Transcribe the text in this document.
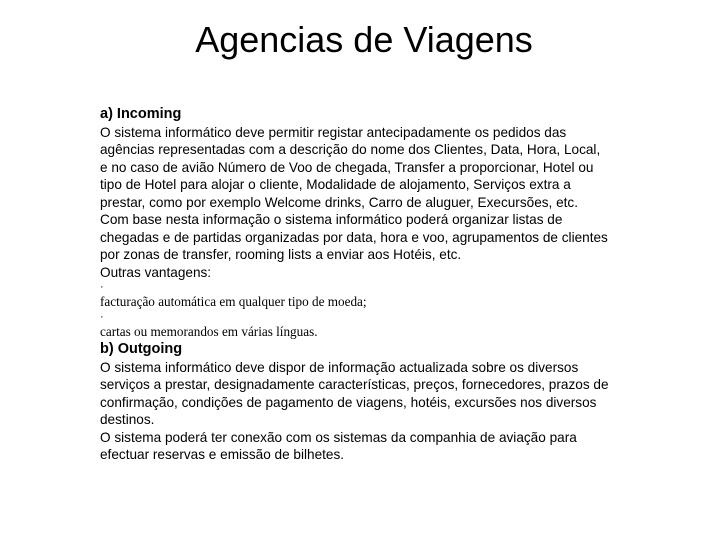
Agencias de Viagens

a) Incoming

O sistema informático deve permitir registar antecipadamente os pedidos das

agências representadas com a descrição do nome dos Clientes, Data, Hora, Local,

e no caso de avião Número de Voo de chegada, Transfer a proporcionar, Hotel ou

tipo de Hotel para alojar o cliente, Modalidade de alojamento, Serviços extra a

prestar, como por exemplo Welcome drinks, Carro de aluguer, Execursões, etc.

Com base nesta informação o sistema informático poderá organizar listas de

chegadas e de partidas organizadas por data, hora e voo, agrupamentos de clientes

por zonas de transfer, rooming lists a enviar aos Hotéis, etc.

Outras vantagens:

·

facturação automática em qualquer tipo de moeda;

·

cartas ou memorandos em várias línguas.

b) Outgoing

O sistema informático deve dispor de informação actualizada sobre os diversos

serviços a prestar, designadamente características, preços, fornecedores, prazos de

confirmação, condições de pagamento de viagens, hotéis, excursões nos diversos

destinos.

O sistema poderá ter conexão com os sistemas da companhia de aviação para

efectuar reservas e emissão de bilhetes.
